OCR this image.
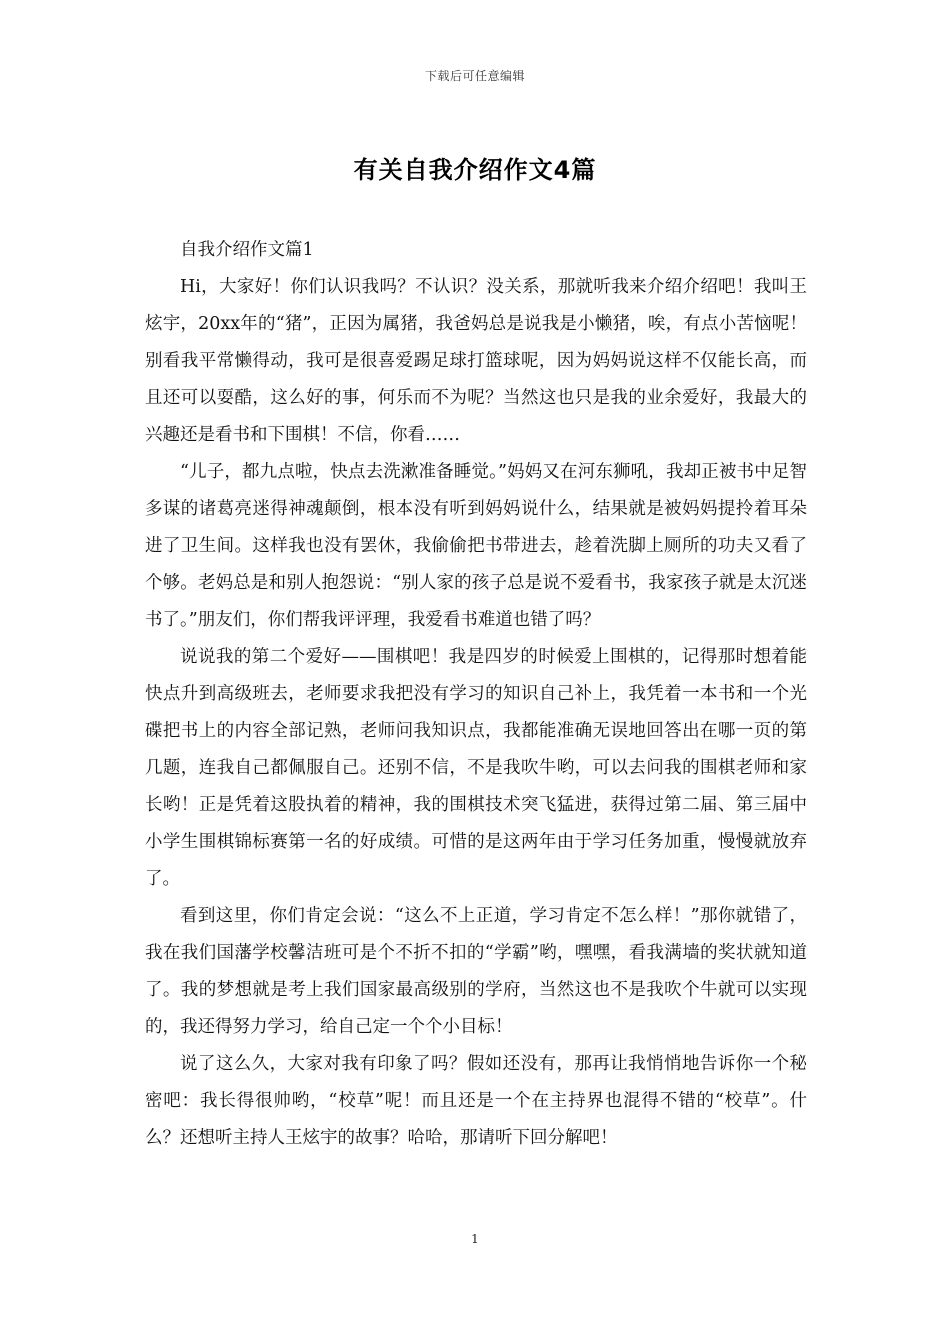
下载后可任意编辑
有关自我介绍作文4篇

自我介绍作文篇1

Hi，大家好！你们认识我吗？不认识？没关系，那就听我来介绍介绍吧！我叫王炫宇，20xx年的“猪”，正因为属猪，我爸妈总是说我是小懒猪，唉，有点小苦恼呢！别看我平常懒得动，我可是很喜爱踢足球打篮球呢，因为妈妈说这样不仅能长高，而且还可以耍酷，这么好的事，何乐而不为呢？当然这也只是我的业余爱好，我最大的兴趣还是看书和下围棋！不信，你看……

“儿子，都九点啦，快点去洗漱准备睡觉。”妈妈又在河东狮吼，我却正被书中足智多谋的诸葛亮迷得神魂颠倒，根本没有听到妈妈说什么，结果就是被妈妈提拎着耳朵进了卫生间。这样我也没有罢休，我偷偷把书带进去，趁着洗脚上厕所的功夫又看了个够。老妈总是和别人抱怨说：“别人家的孩子总是说不爱看书，我家孩子就是太沉迷书了。”朋友们，你们帮我评评理，我爱看书难道也错了吗？

说说我的第二个爱好——围棋吧！我是四岁的时候爱上围棋的，记得那时想着能快点升到高级班去，老师要求我把没有学习的知识自己补上，我凭着一本书和一个光碟把书上的内容全部记熟，老师问我知识点，我都能准确无误地回答出在哪一页的第几题，连我自己都佩服自己。还别不信，不是我吹牛哟，可以去问我的围棋老师和家长哟！正是凭着这股执着的精神，我的围棋技术突飞猛进，获得过第二届、第三届中小学生围棋锦标赛第一名的好成绩。可惜的是这两年由于学习任务加重，慢慢就放弃了。

看到这里，你们肯定会说：“这么不上正道，学习肯定不怎么样！”那你就错了，我在我们国藩学校馨洁班可是个不折不扣的“学霸”哟，嘿嘿，看我满墙的奖状就知道了。我的梦想就是考上我们国家最高级别的学府，当然这也不是我吹个牛就可以实现的，我还得努力学习，给自己定一个个小目标！

说了这么久，大家对我有印象了吗？假如还没有，那再让我悄悄地告诉你一个秘密吧：我长得很帅哟，“校草”呢！而且还是一个在主持界也混得不错的“校草”。什么？还想听主持人王炫宇的故事？哈哈，那请听下回分解吧！

1
